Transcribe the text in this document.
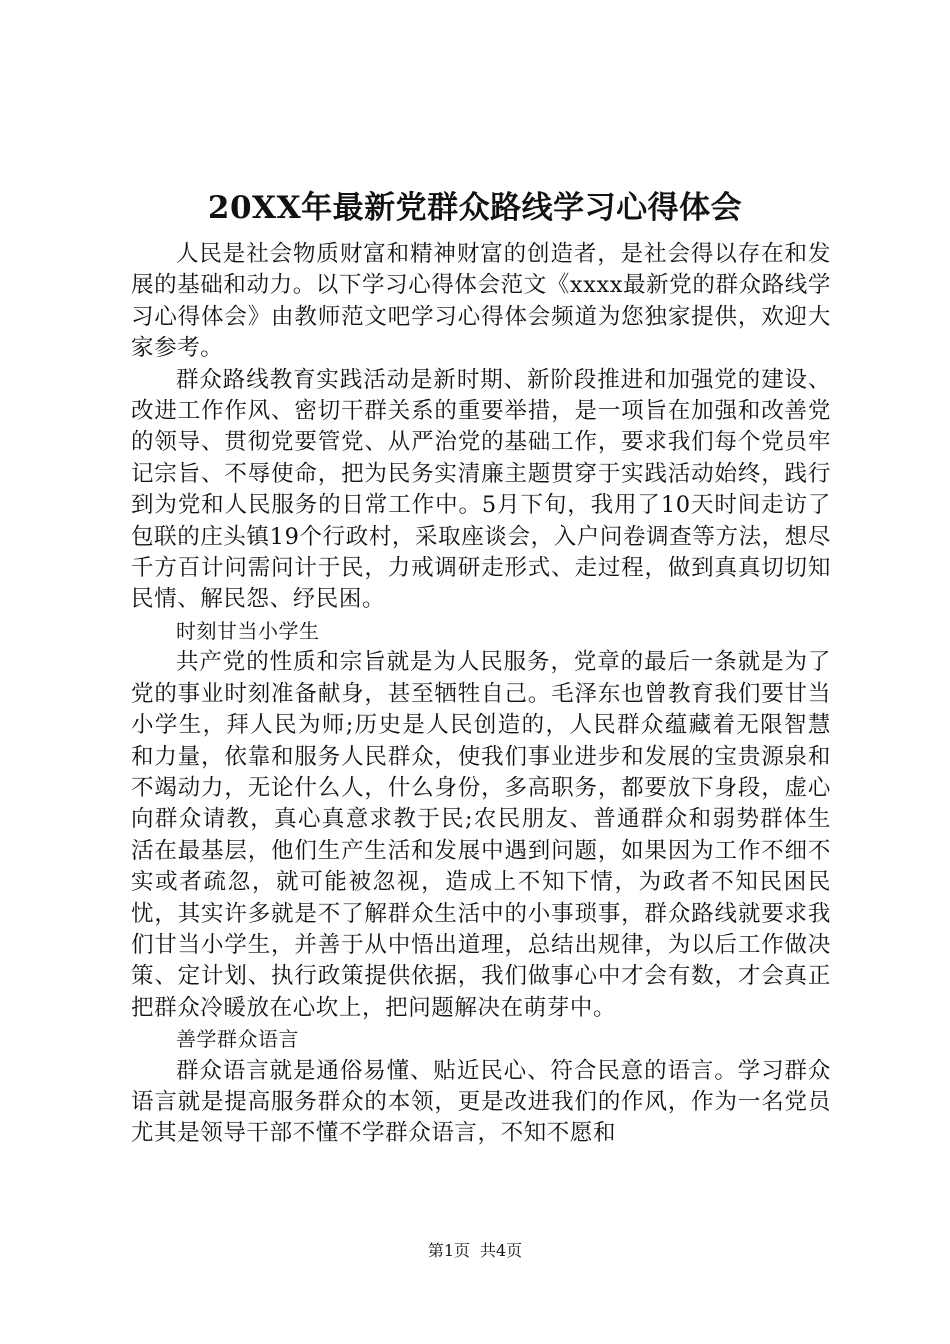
20XX年最新党群众路线学习心得体会

人民是社会物质财富和精神财富的创造者，是社会得以存在和发展的基础和动力。以下学习心得体会范文《xxxx最新党的群众路线学习心得体会》由教师范文吧学习心得体会频道为您独家提供，欢迎大家参考。

群众路线教育实践活动是新时期、新阶段推进和加强党的建设、改进工作作风、密切干群关系的重要举措，是一项旨在加强和改善党的领导、贯彻党要管党、从严治党的基础工作，要求我们每个党员牢记宗旨、不辱使命，把为民务实清廉主题贯穿于实践活动始终，践行到为党和人民服务的日常工作中。5月下旬，我用了10天时间走访了包联的庄头镇19个行政村，采取座谈会，入户问卷调查等方法，想尽千方百计问需问计于民，力戒调研走形式、走过程，做到真真切切知民情、解民怨、纾民困。

时刻甘当小学生

共产党的性质和宗旨就是为人民服务，党章的最后一条就是为了党的事业时刻准备献身，甚至牺牲自己。毛泽东也曾教育我们要甘当小学生，拜人民为师;历史是人民创造的，人民群众蕴藏着无限智慧和力量，依靠和服务人民群众，使我们事业进步和发展的宝贵源泉和不竭动力，无论什么人，什么身份，多高职务，都要放下身段，虚心向群众请教，真心真意求教于民;农民朋友、普通群众和弱势群体生活在最基层，他们生产生活和发展中遇到问题，如果因为工作不细不实或者疏忽，就可能被忽视，造成上不知下情，为政者不知民困民忧，其实许多就是不了解群众生活中的小事琐事，群众路线就要求我们甘当小学生，并善于从中悟出道理，总结出规律，为以后工作做决策、定计划、执行政策提供依据，我们做事心中才会有数，才会真正把群众冷暖放在心坎上，把问题解决在萌芽中。

善学群众语言

群众语言就是通俗易懂、贴近民心、符合民意的语言。学习群众语言就是提高服务群众的本领，更是改进我们的作风，作为一名党员尤其是领导干部不懂不学群众语言，不知不愿和

第1页 共4页
